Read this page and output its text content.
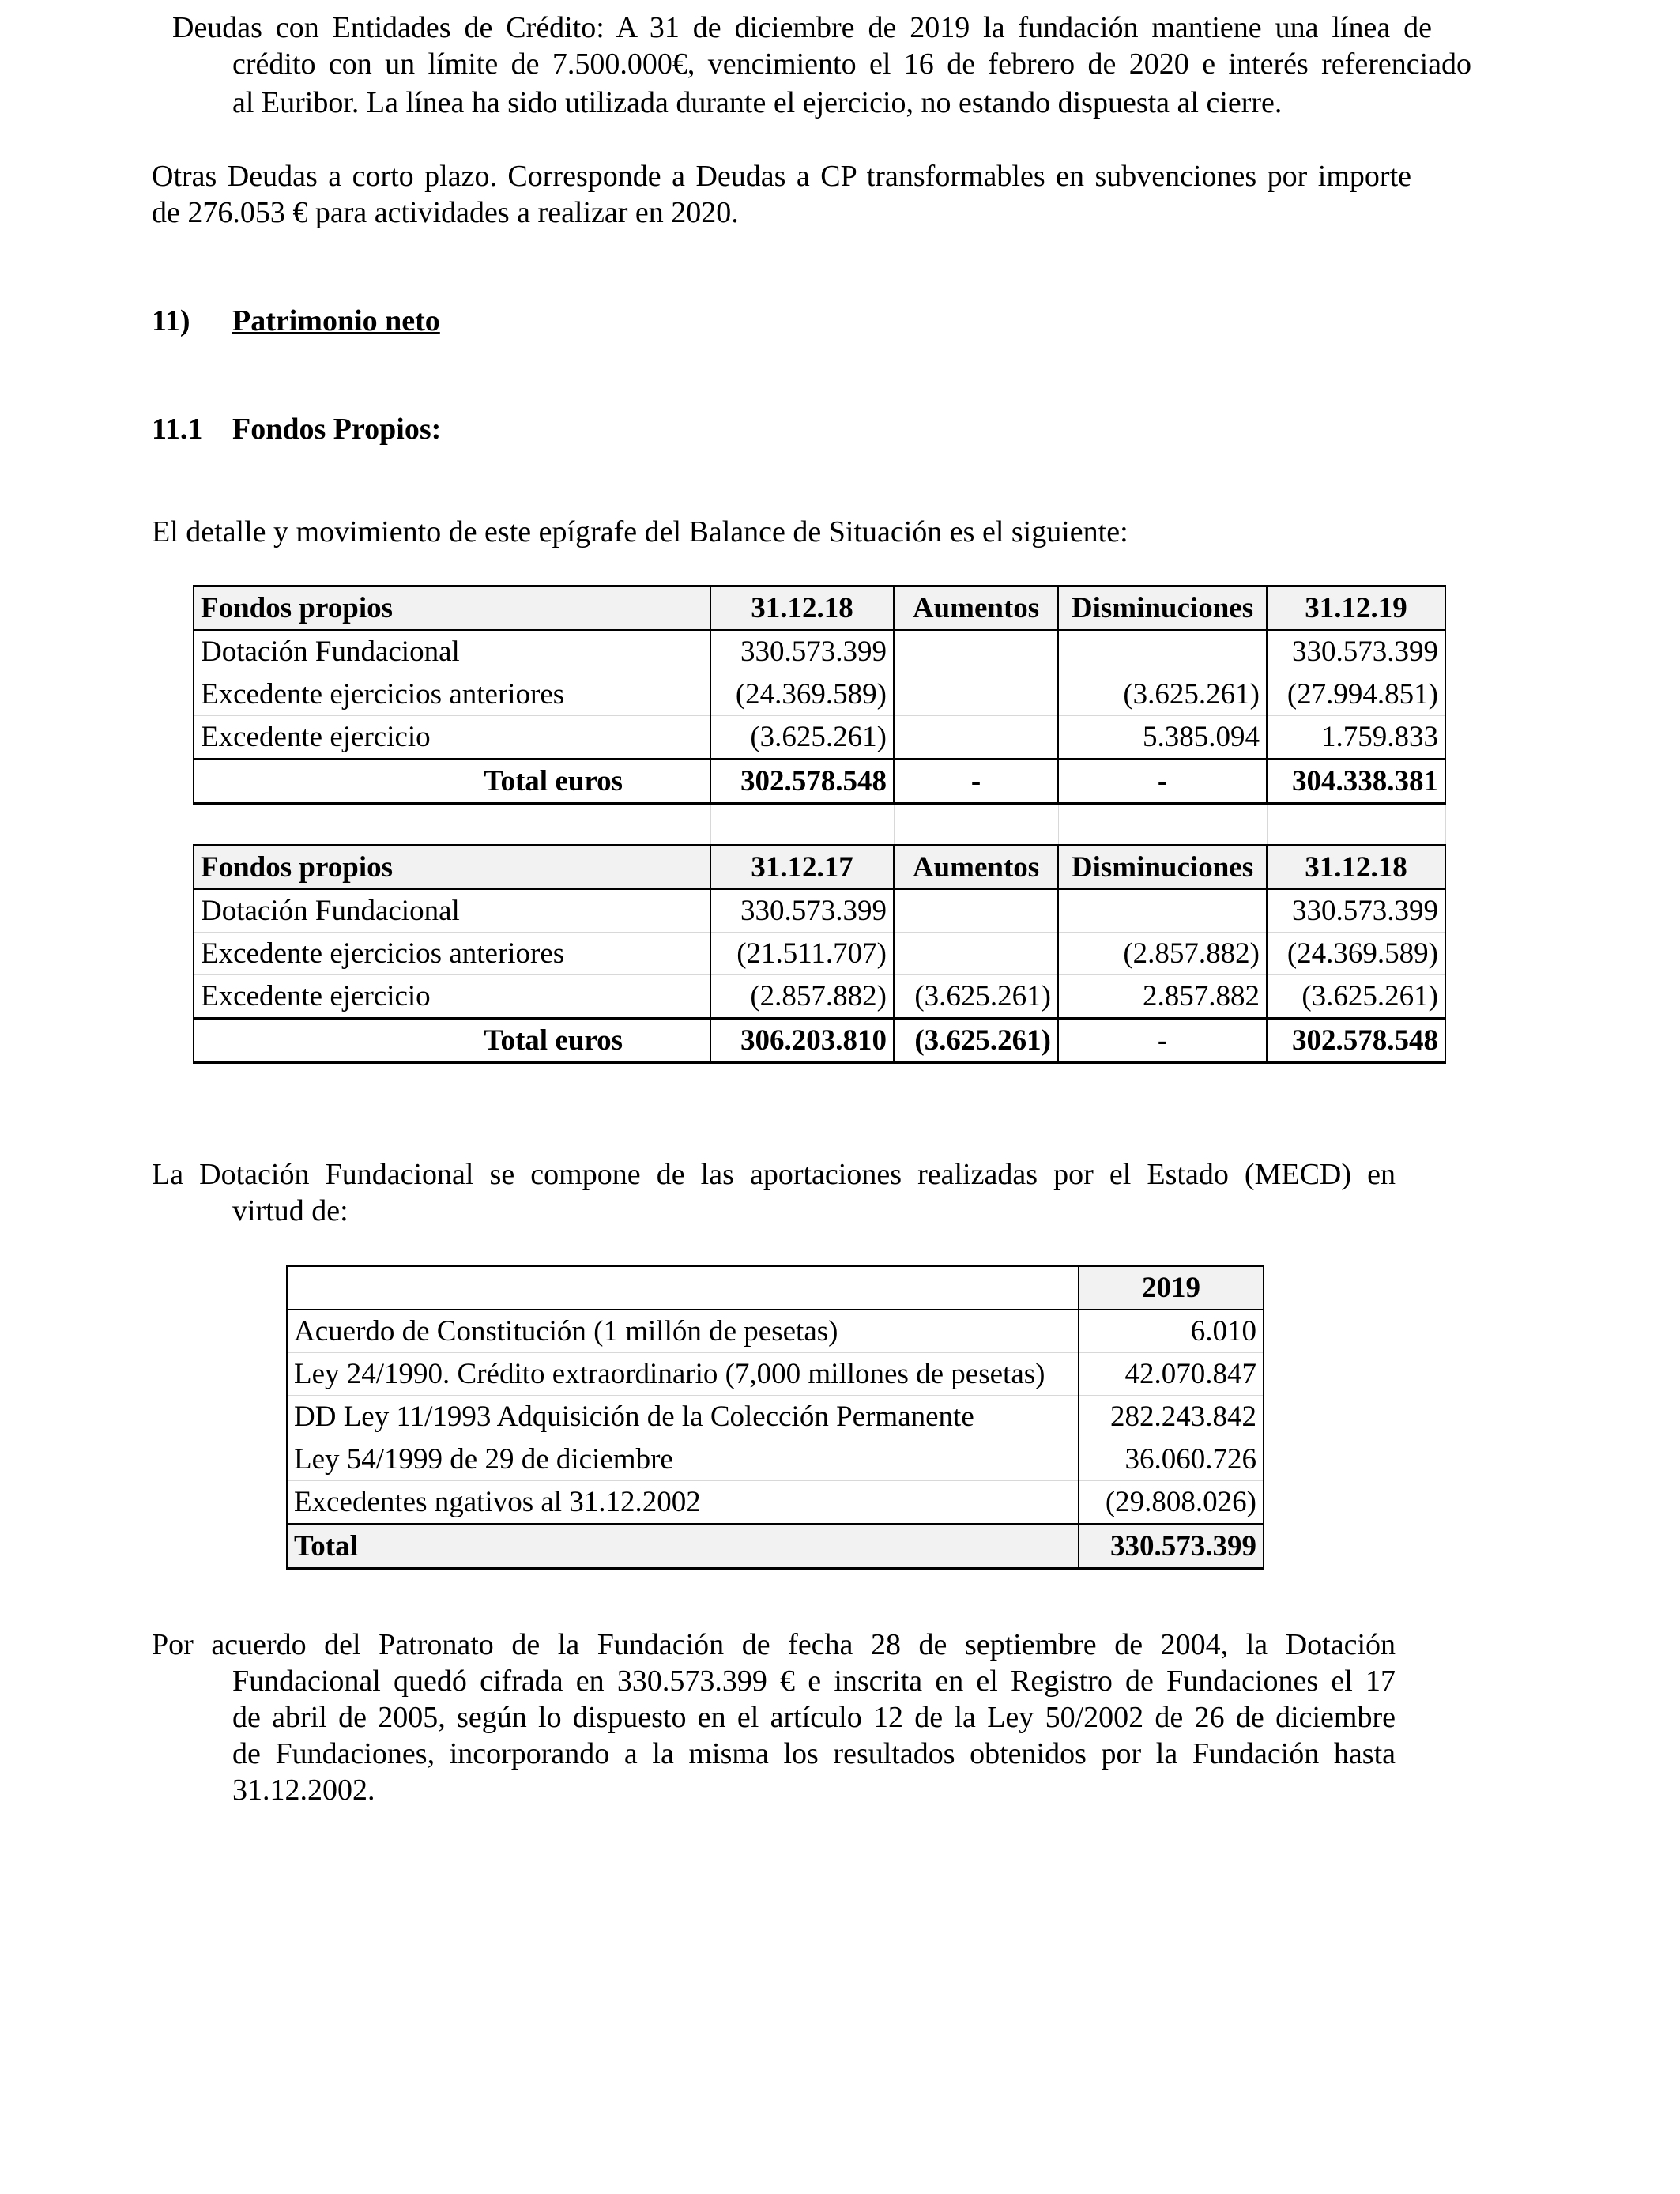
Deudas con Entidades de Crédito: A 31 de diciembre de 2019 la fundación mantiene una línea de
crédito con un límite de 7.500.000€, vencimiento el 16 de febrero de 2020 e interés referenciado
al Euribor. La línea ha sido utilizada durante el ejercicio, no estando dispuesta al cierre.
Otras Deudas a corto plazo. Corresponde a Deudas a CP transformables en subvenciones por importe
de 276.053 € para actividades a realizar en 2020.
11) Patrimonio neto
11.1 Fondos Propios:
El detalle y movimiento de este epígrafe del Balance de Situación es el siguiente:
Fondos propios	31.12.18	Aumentos	Disminuciones	31.12.19
Dotación Fundacional	330.573.399			330.573.399
Excedente ejercicios anteriores	(24.369.589)		(3.625.261)	(27.994.851)
Excedente ejercicio	(3.625.261)		5.385.094	1.759.833
Total euros	302.578.548	-	-	304.338.381

Fondos propios	31.12.17	Aumentos	Disminuciones	31.12.18
Dotación Fundacional	330.573.399			330.573.399
Excedente ejercicios anteriores	(21.511.707)		(2.857.882)	(24.369.589)
Excedente ejercicio	(2.857.882)	(3.625.261)	2.857.882	(3.625.261)
Total euros	306.203.810	(3.625.261)	-	302.578.548
La Dotación Fundacional se compone de las aportaciones realizadas por el Estado (MECD) en
virtud de:
	2019
Acuerdo de Constitución (1 millón de pesetas)	6.010
Ley 24/1990. Crédito extraordinario (7,000 millones de pesetas)	42.070.847
DD Ley 11/1993 Adquisición de la Colección Permanente	282.243.842
Ley 54/1999 de 29 de diciembre	36.060.726
Excedentes ngativos al 31.12.2002	(29.808.026)
Total	330.573.399
Por acuerdo del Patronato de la Fundación de fecha 28 de septiembre de 2004, la Dotación
Fundacional quedó cifrada en 330.573.399 € e inscrita en el Registro de Fundaciones el 17
de abril de 2005, según lo dispuesto en el artículo 12 de la Ley 50/2002 de 26 de diciembre
de Fundaciones, incorporando a la misma los resultados obtenidos por la Fundación hasta
31.12.2002.
